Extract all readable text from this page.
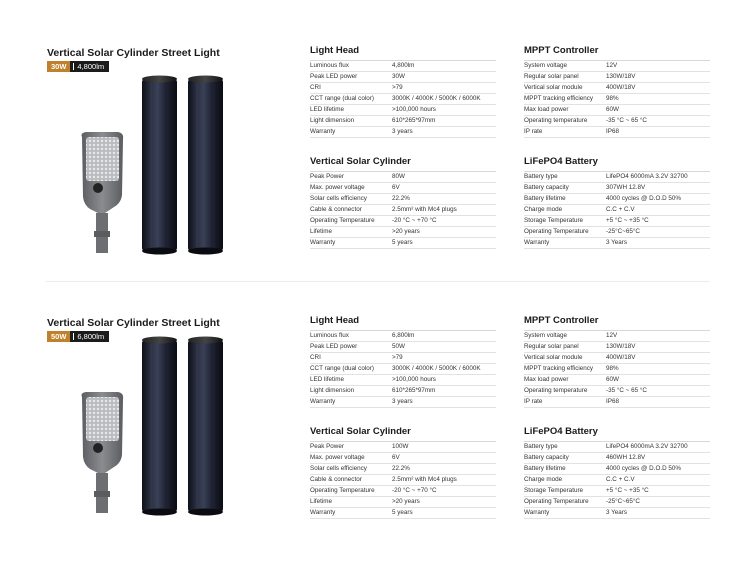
Vertical Solar Cylinder Street Light
30W	4,800lm
Light Head
Luminous flux	4,800lm
Peak LED power	30W
CRI	>79
CCT range (dual color)	3000K / 4000K / 5000K / 6000K
LED lifetime	>100,000 hours
Light dimension	610*265*97mm
Warranty	3 years
MPPT Controller
System voltage	12V
Regular solar panel	130W/18V
Vertical solar module	400W/18V
MPPT tracking efficiency	98%
Max load power	60W
Operating temperature	-35 °C ~ 65 °C
IP rate	IP68
Vertical Solar Cylinder
Peak Power	80W
Max. power voltage	6V
Solar cells efficiency	22.2%
Cable & connector	2.5mm² with Mc4 plugs
Operating Temperature	-20 °C ~ +70 °C
Lifetime	>20 years
Warranty	5 years
LiFePO4 Battery
Battery type	LifePO4 6000mA 3.2V 32700
Battery capacity	307WH 12.8V
Battery lifetime	4000 cycles @ D.O.D 50%
Charge mode	C.C + C.V
Storage Temperature	+5 °C ~ +35 °C
Operating Temperature	-25°C~65°C
Warranty	3 Years
Vertical Solar Cylinder Street Light
50W	6,800lm
Light Head
Luminous flux	6,800lm
Peak LED power	50W
CRI	>79
CCT range (dual color)	3000K / 4000K / 5000K / 6000K
LED lifetime	>100,000 hours
Light dimension	610*265*97mm
Warranty	3 years
MPPT Controller
System voltage	12V
Regular solar panel	130W/18V
Vertical solar module	400W/18V
MPPT tracking efficiency	98%
Max load power	60W
Operating temperature	-35 °C ~ 65 °C
IP rate	IP68
Vertical Solar Cylinder
Peak Power	100W
Max. power voltage	6V
Solar cells efficiency	22.2%
Cable & connector	2.5mm² with Mc4 plugs
Operating Temperature	-20 °C ~ +70 °C
Lifetime	>20 years
Warranty	5 years
LiFePO4 Battery
Battery type	LifePO4 6000mA 3.2V 32700
Battery capacity	460WH 12.8V
Battery lifetime	4000 cycles @ D.O.D 50%
Charge mode	C.C + C.V
Storage Temperature	+5 °C ~ +35 °C
Operating Temperature	-25°C~65°C
Warranty	3 Years
